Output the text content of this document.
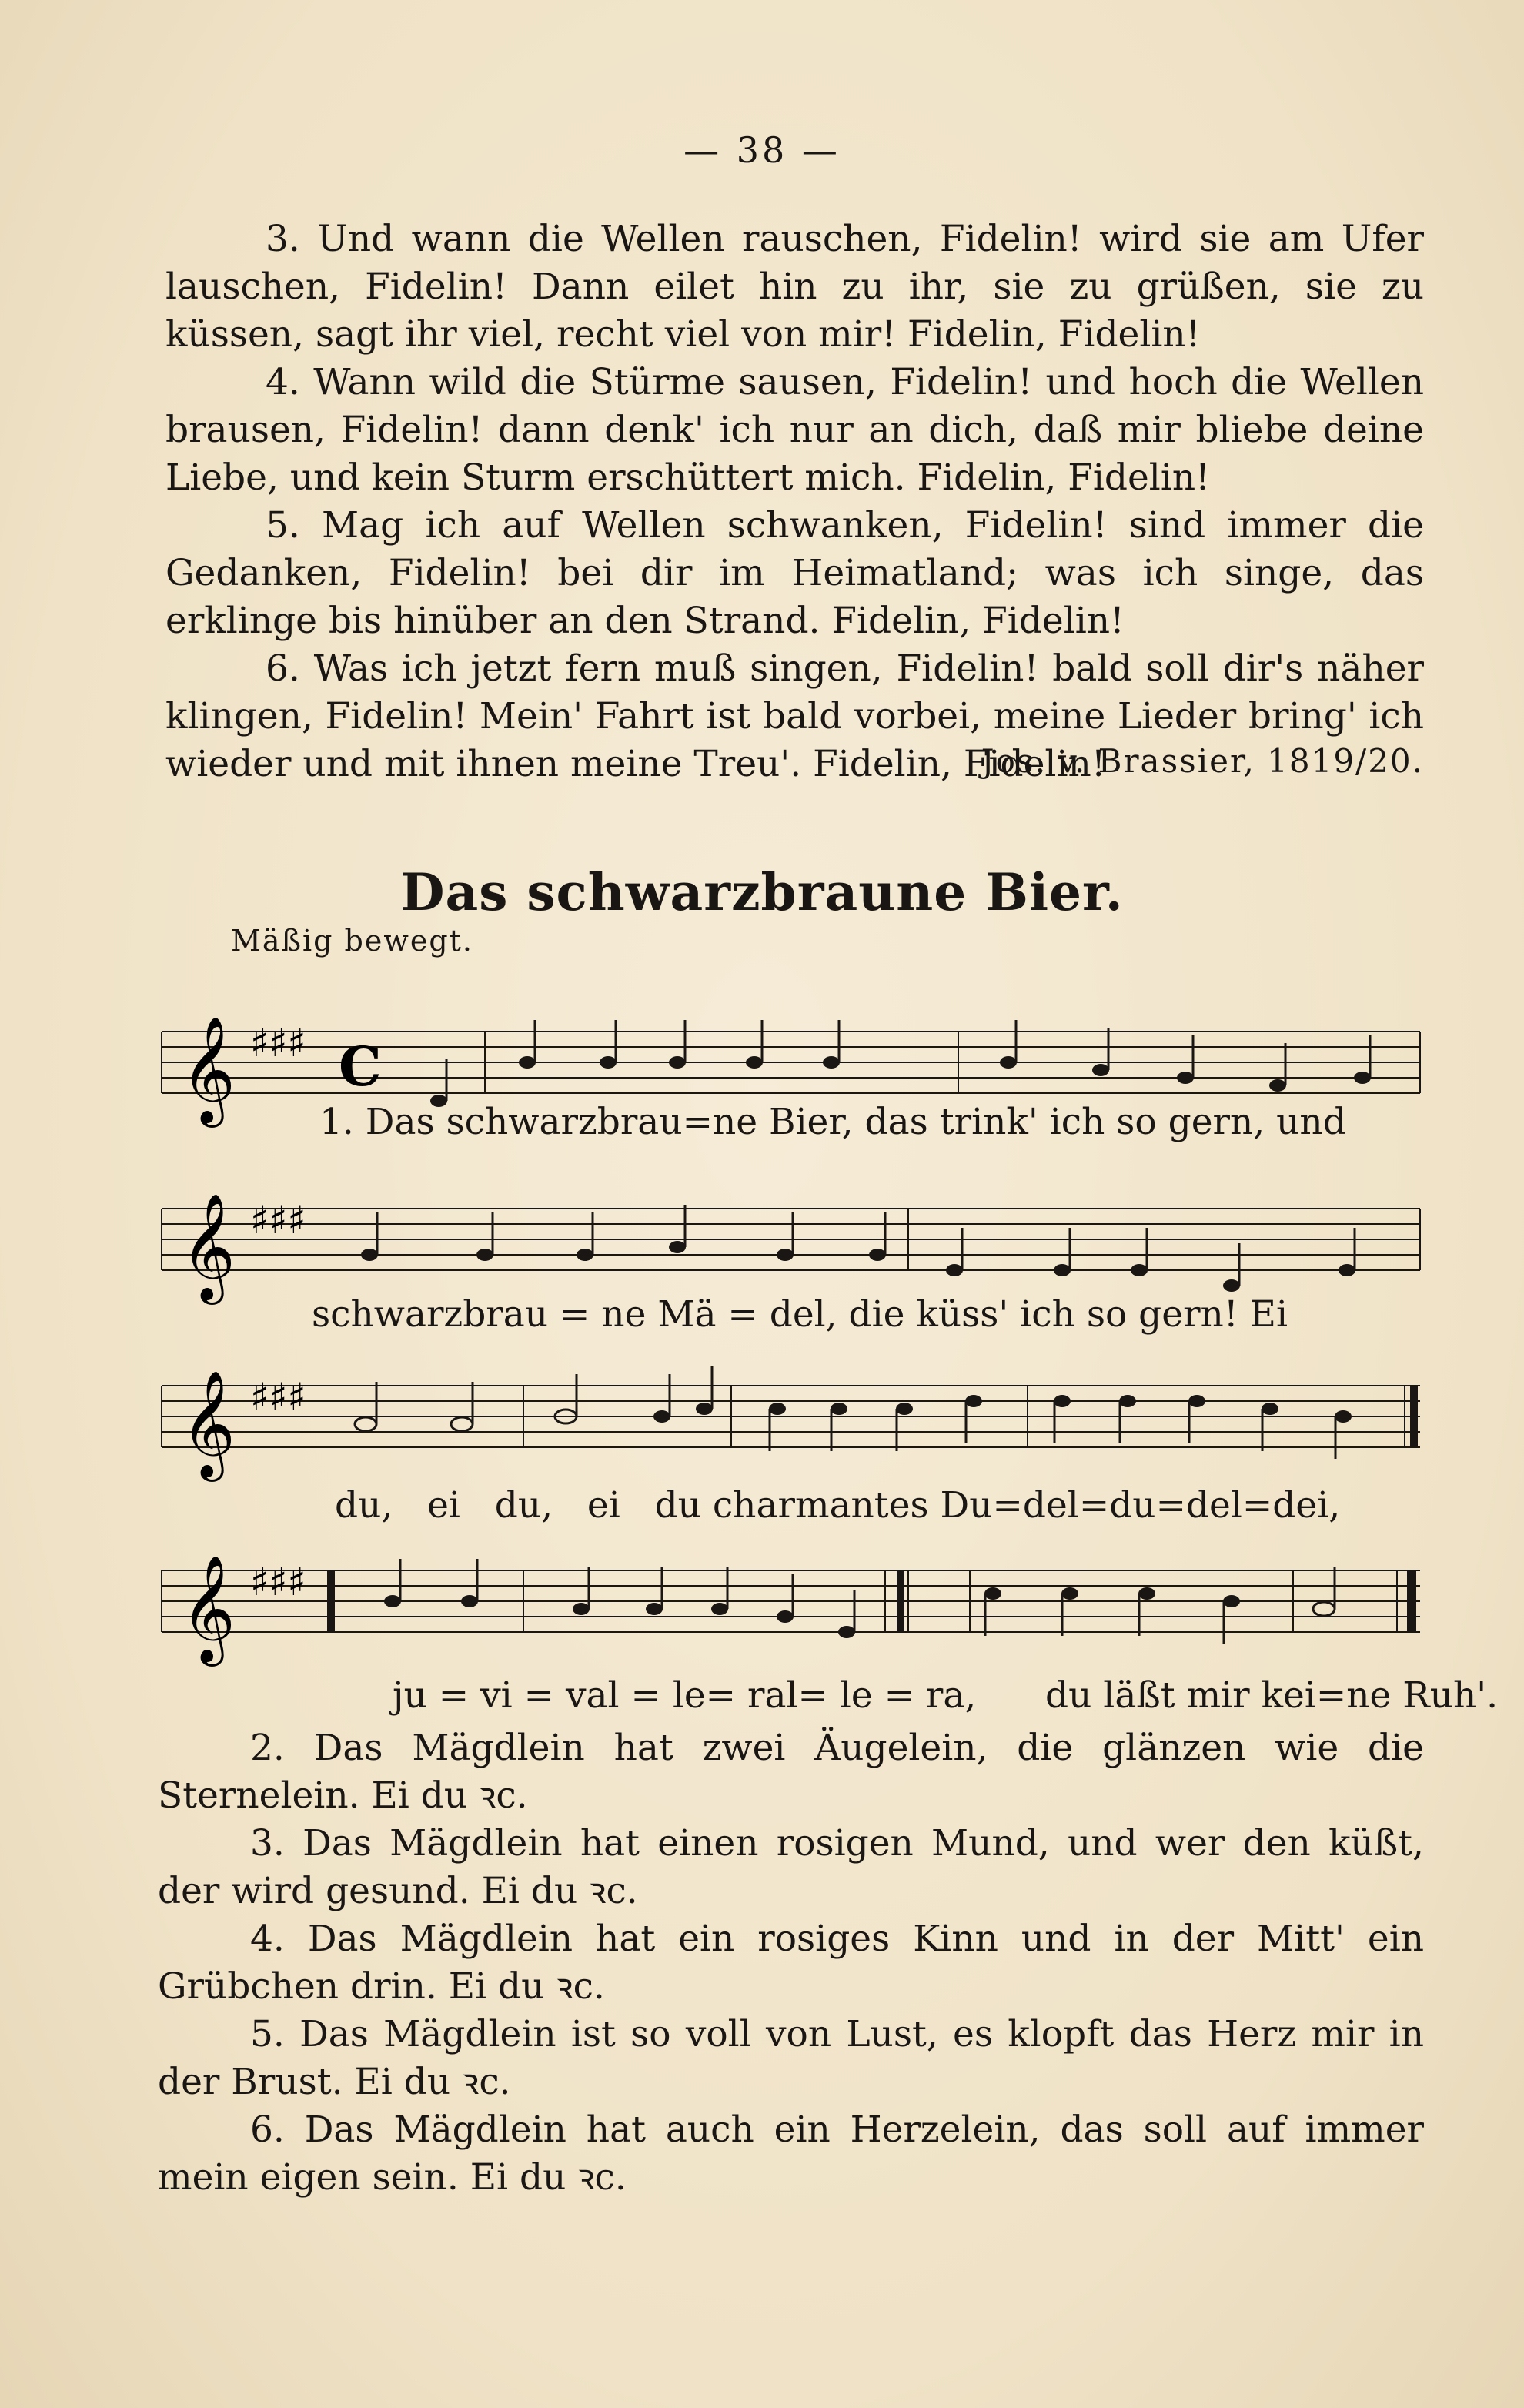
— 38 —

3. Und wann die Wellen rauschen, Fidelin! wird sie am Ufer lauschen, Fidelin! Dann eilet hin zu ihr, sie zu grüßen, sie zu küssen, sagt ihr viel, recht viel von mir! Fidelin, Fidelin!

4. Wann wild die Stürme sausen, Fidelin! und hoch die Wellen brausen, Fidelin! dann denk' ich nur an dich, daß mir bliebe deine Liebe, und kein Sturm erschüttert mich. Fidelin, Fidelin!

5. Mag ich auf Wellen schwanken, Fidelin! sind immer die Gedanken, Fidelin! bei dir im Heimatland; was ich singe, das erklinge bis hinüber an den Strand. Fidelin, Fidelin!

6. Was ich jetzt fern muß singen, Fidelin! bald soll dir's näher klingen, Fidelin! Mein' Fahrt ist bald vorbei, meine Lieder bring' ich wieder und mit ihnen meine Treu'. Fidelin, Fidelin!

Jos. v. Brassier, 1819/20.
Das schwarzbraune Bier.
Mäßig bewegt.
𝄞 ♯♯♯ C
1. Das schwarzbrau=ne Bier, das trink' ich so gern, und
𝄞 ♯♯♯
schwarzbrau = ne Mä = del, die küss' ich so gern! Ei
𝄞 ♯♯♯
du,   ei   du,   ei   du charmantes Du=del=du=del=dei,
𝄞 ♯♯♯
ju = vi = val = le= ral= le = ra,      du läßt mir kei=ne Ruh'.

2. Das Mägdlein hat zwei Äugelein, die glänzen wie die Sternelein. Ei du ꝛc.

3. Das Mägdlein hat einen rosigen Mund, und wer den küßt, der wird gesund. Ei du ꝛc.

4. Das Mägdlein hat ein rosiges Kinn und in der Mitt' ein Grübchen drin. Ei du ꝛc.

5. Das Mägdlein ist so voll von Lust, es klopft das Herz mir in der Brust. Ei du ꝛc.

6. Das Mägdlein hat auch ein Herzelein, das soll auf immer mein eigen sein. Ei du ꝛc.
